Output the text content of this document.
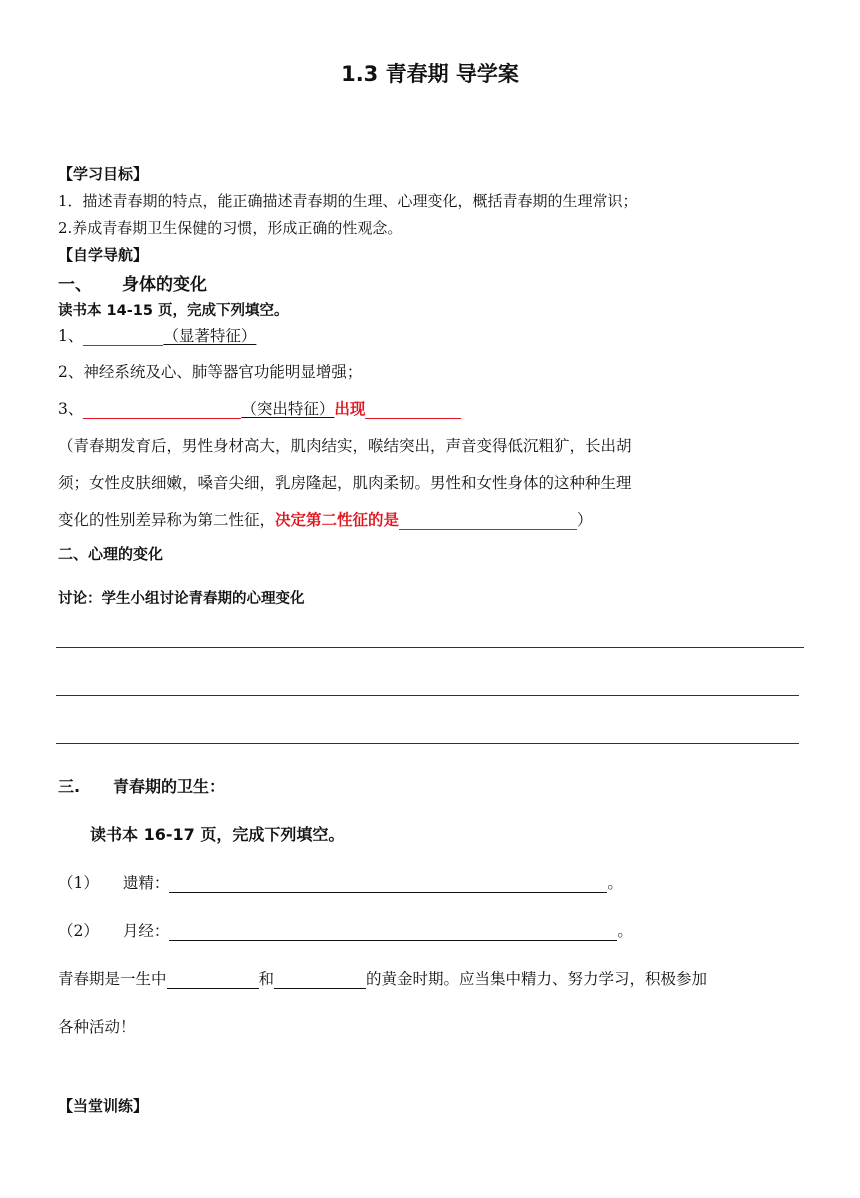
1.3 青春期 导学案
【学习目标】
1．描述青春期的特点，能正确描述青春期的生理、心理变化，概括青春期的生理常识；
2.养成青春期卫生保健的习惯，形成正确的性观念。
【自学导航】
一、 身体的变化
读书本 14-15 页，完成下列填空。
1、	（显著特征）
2、神经系统及心、肺等器官功能明显增强；
3、	（突出特征）出现
（青春期发育后，男性身材高大，肌肉结实，喉结突出，声音变得低沉粗犷，长出胡
须；女性皮肤细嫩，嗓音尖细，乳房隆起，肌肉柔韧。男性和女性身体的这种种生理
变化的性别差异称为第二性征，决定第二性征的是	）
二、心理的变化
讨论：学生小组讨论青春期的心理变化
三. 青春期的卫生：
读书本 16-17 页，完成下列填空。
（1） 遗精：	。
（2） 月经：	。
青春期是一生中	和	的黄金时期。应当集中精力、努力学习，积极参加
各种活动！
【当堂训练】
